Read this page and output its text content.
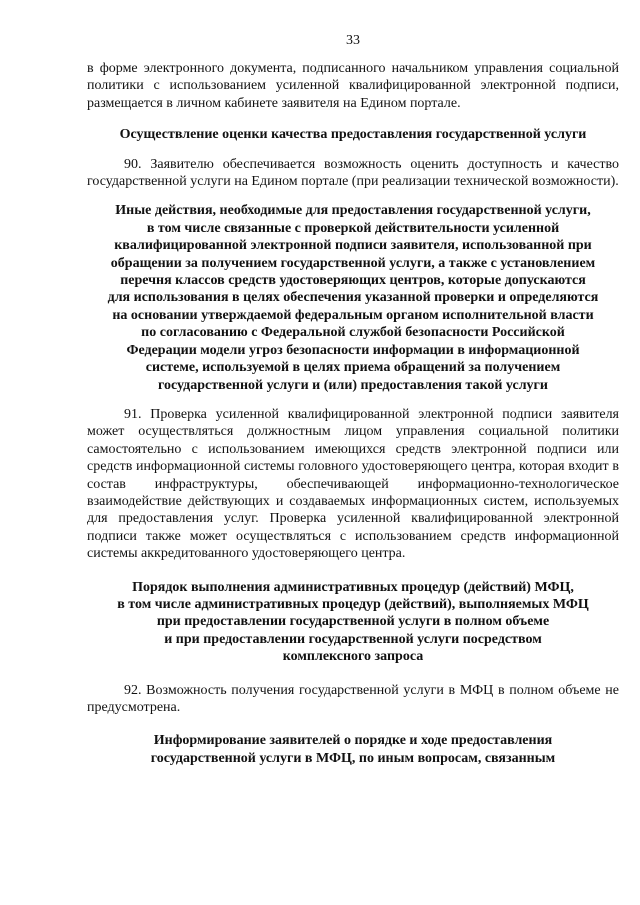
33

в форме электронного документа, подписанного начальником управления социальной политики с использованием усиленной квалифицированной электронной подписи, размещается в личном кабинете заявителя на Едином портале.

Осуществление оценки качества предоставления государственной услуги

90. Заявителю обеспечивается возможность оценить доступность и качество государственной услуги на Едином портале (при реализации технической возможности).

Иные действия, необходимые для предоставления государственной услуги,
в том числе связанные с проверкой действительности усиленной
квалифицированной электронной подписи заявителя, использованной при
обращении за получением государственной услуги, а также с установлением
перечня классов средств удостоверяющих центров, которые допускаются
для использования в целях обеспечения указанной проверки и определяются
на основании утверждаемой федеральным органом исполнительной власти
по согласованию с Федеральной службой безопасности Российской
Федерации модели угроз безопасности информации в информационной
системе, используемой в целях приема обращений за получением
государственной услуги и (или) предоставления такой услуги

91. Проверка усиленной квалифицированной электронной подписи заявителя может осуществляться должностным лицом управления социальной политики самостоятельно с использованием имеющихся средств электронной подписи или средств информационной системы головного удостоверяющего центра, которая входит в состав инфраструктуры, обеспечивающей информационно-технологическое взаимодействие действующих и создаваемых информационных систем, используемых для предоставления услуг. Проверка усиленной квалифицированной электронной подписи также может осуществляться с использованием средств информационной системы аккредитованного удостоверяющего центра.

Порядок выполнения административных процедур (действий) МФЦ,
в том числе административных процедур (действий), выполняемых МФЦ
при предоставлении государственной услуги в полном объеме
и при предоставлении государственной услуги посредством
комплексного запроса

92. Возможность получения государственной услуги в МФЦ в полном объеме не предусмотрена.

Информирование заявителей о порядке и ходе предоставления
государственной услуги в МФЦ, по иным вопросам, связанным
